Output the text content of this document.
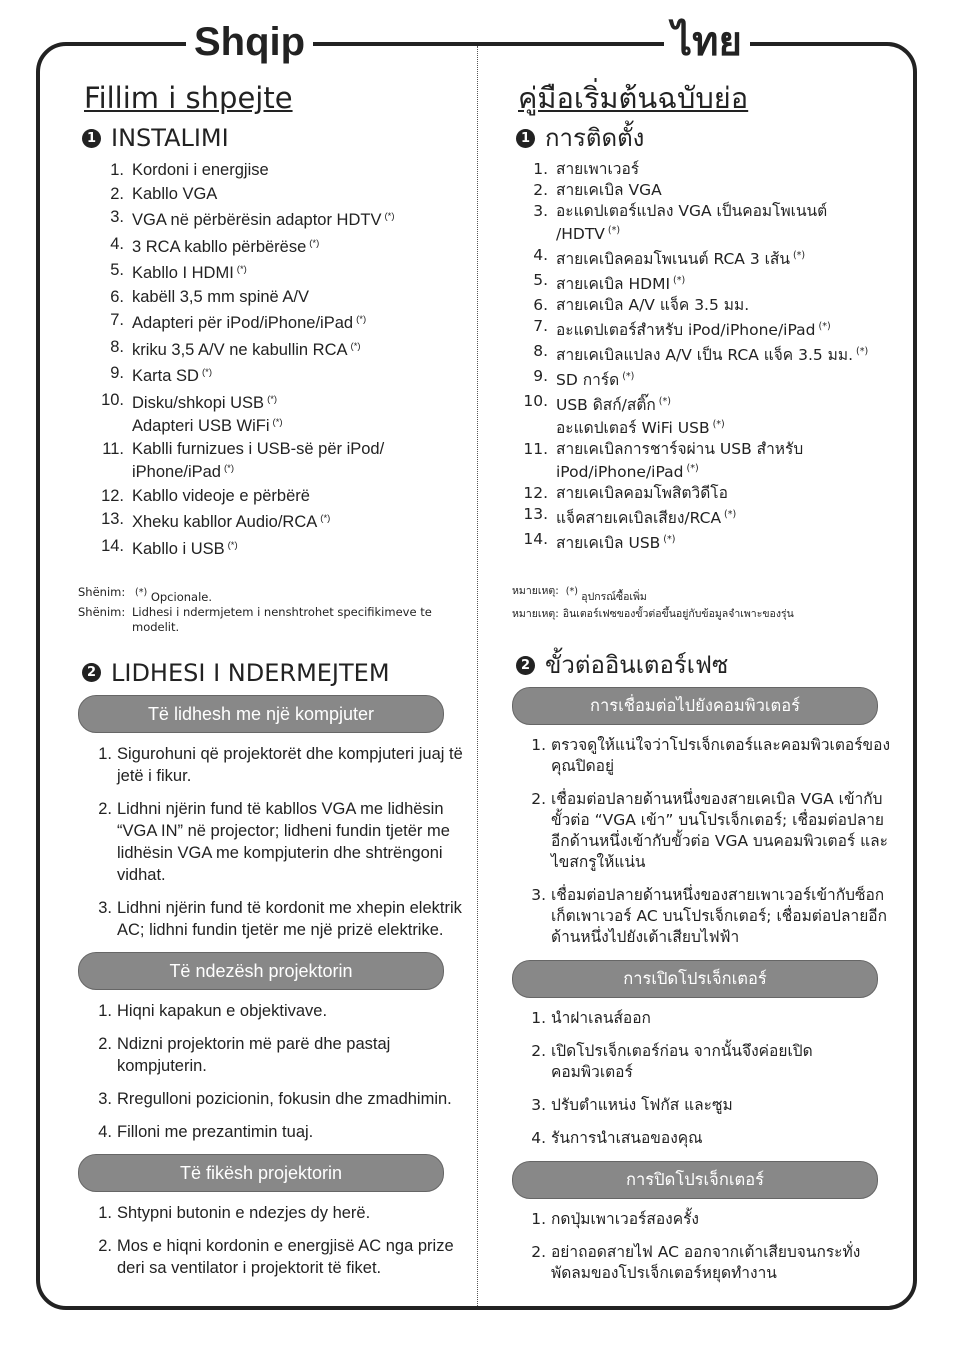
Shqip	ไทย
Fillim i shpejte
1 INSTALIMI
1. Kordoni i energjise
2. Kabllo VGA
3. VGA në përbërësin adaptor HDTV (*)
4. 3 RCA kabllo përbërëse (*)
5. Kabllo I HDMI (*)
6. kabëll 3,5 mm spinë A/V
7. Adapteri për iPod/iPhone/iPad (*)
8. kriku 3,5 A/V ne kabullin RCA (*)
9. Karta SD (*)
10. Disku/shkopi USB (*)
Adapteri USB WiFi (*)
11. Kablli furnizues i USB-së për iPod/
iPhone/iPad (*)
12. Kabllo videoje e përbërë
13. Xheku kabllor Audio/RCA (*)
14. Kabllo i USB (*)
Shënim:	(*) Opcionale.
Shënim: Lidhesi i ndermjetem i nenshtrohet specifikimeve te modelit.
2 LIDHESI I NDERMEJTEM
Të lidhesh me një kompjuter
1. Sigurohuni që projektorët dhe kompjuteri juaj të jetë i fikur.
2. Lidhni njërin fund të kabllos VGA me lidhësin “VGA IN” në projector; lidheni fundin tjetër me lidhësin VGA me kompjuterin dhe shtrëngoni vidhat.
3. Lidhni njërin fund të kordonit me xhepin elektrik AC; lidhni fundin tjetër me një prizë elektrike.
Të ndezësh projektorin
1. Hiqni kapakun e objektivave.
2. Ndizni projektorin më parë dhe pastaj kompjuterin.
3. Rregulloni pozicionin, fokusin dhe zmadhimin.
4. Filloni me prezantimin tuaj.
Të fikësh projektorin
1. Shtypni butonin e ndezjes dy herë.
2. Mos e hiqni kordonin e energjisë AC nga prize deri sa ventilator i projektorit të fiket.
คู่มือเริ่มต้นฉบับย่อ
1 การติดตั้ง
1. สายเพาเวอร์
2. สายเคเบิล VGA
3. อะแดปเตอร์แปลง VGA เป็นคอมโพเนนต์ /HDTV (*)
4. สายเคเบิลคอมโพเนนต์ RCA 3 เส้น (*)
5. สายเคเบิล HDMI (*)
6. สายเคเบิล A/V แจ็ค 3.5 มม.
7. อะแดปเตอร์สำหรับ iPod/iPhone/iPad (*)
8. สายเคเบิลแปลง A/V เป็น RCA แจ็ค 3.5 มม. (*)
9. SD การ์ด (*)
10. USB ดิสก์/สติ๊ก (*)
อะแดปเตอร์ WiFi USB (*)
11. สายเคเบิลการชาร์จผ่าน USB สำหรับ
iPod/iPhone/iPad (*)
12. สายเคเบิลคอมโพสิตวิดีโอ
13. แจ็คสายเคเบิลเสียง/RCA (*)
14. สายเคเบิล USB (*)
หมายเหตุ: (*) อุปกรณ์ซื้อเพิ่ม
หมายเหตุ: อินเตอร์เฟซของขั้วต่อขึ้นอยู่กับข้อมูลจำเพาะของรุ่น
2 ขั้วต่ออินเตอร์เฟซ
การเชื่อมต่อไปยังคอมพิวเตอร์
1. ตรวจดูให้แน่ใจว่าโปรเจ็กเตอร์และคอมพิวเตอร์ของคุณปิดอยู่
2. เชื่อมต่อปลายด้านหนึ่งของสายเคเบิล VGA เข้ากับขั้วต่อ “VGA เข้า” บนโปรเจ็กเตอร์; เชื่อมต่อปลายอีกด้านหนึ่งเข้ากับขั้วต่อ VGA บนคอมพิวเตอร์ และไขสกรูให้แน่น
3. เชื่อมต่อปลายด้านหนึ่งของสายเพาเวอร์เข้ากับซ็อกเก็ตเพาเวอร์ AC บนโปรเจ็กเตอร์; เชื่อมต่อปลายอีกด้านหนึ่งไปยังเต้าเสียบไฟฟ้า
การเปิดโปรเจ็กเตอร์
1. นำฝาเลนส์ออก
2. เปิดโปรเจ็กเตอร์ก่อน จากนั้นจึงค่อยเปิดคอมพิวเตอร์
3. ปรับตำแหน่ง โฟกัส และซูม
4. รันการนำเสนอของคุณ
การปิดโปรเจ็กเตอร์
1. กดปุ่มเพาเวอร์สองครั้ง
2. อย่าถอดสายไฟ AC ออกจากเต้าเสียบจนกระทั่งพัดลมของโปรเจ็กเตอร์หยุดทำงาน
